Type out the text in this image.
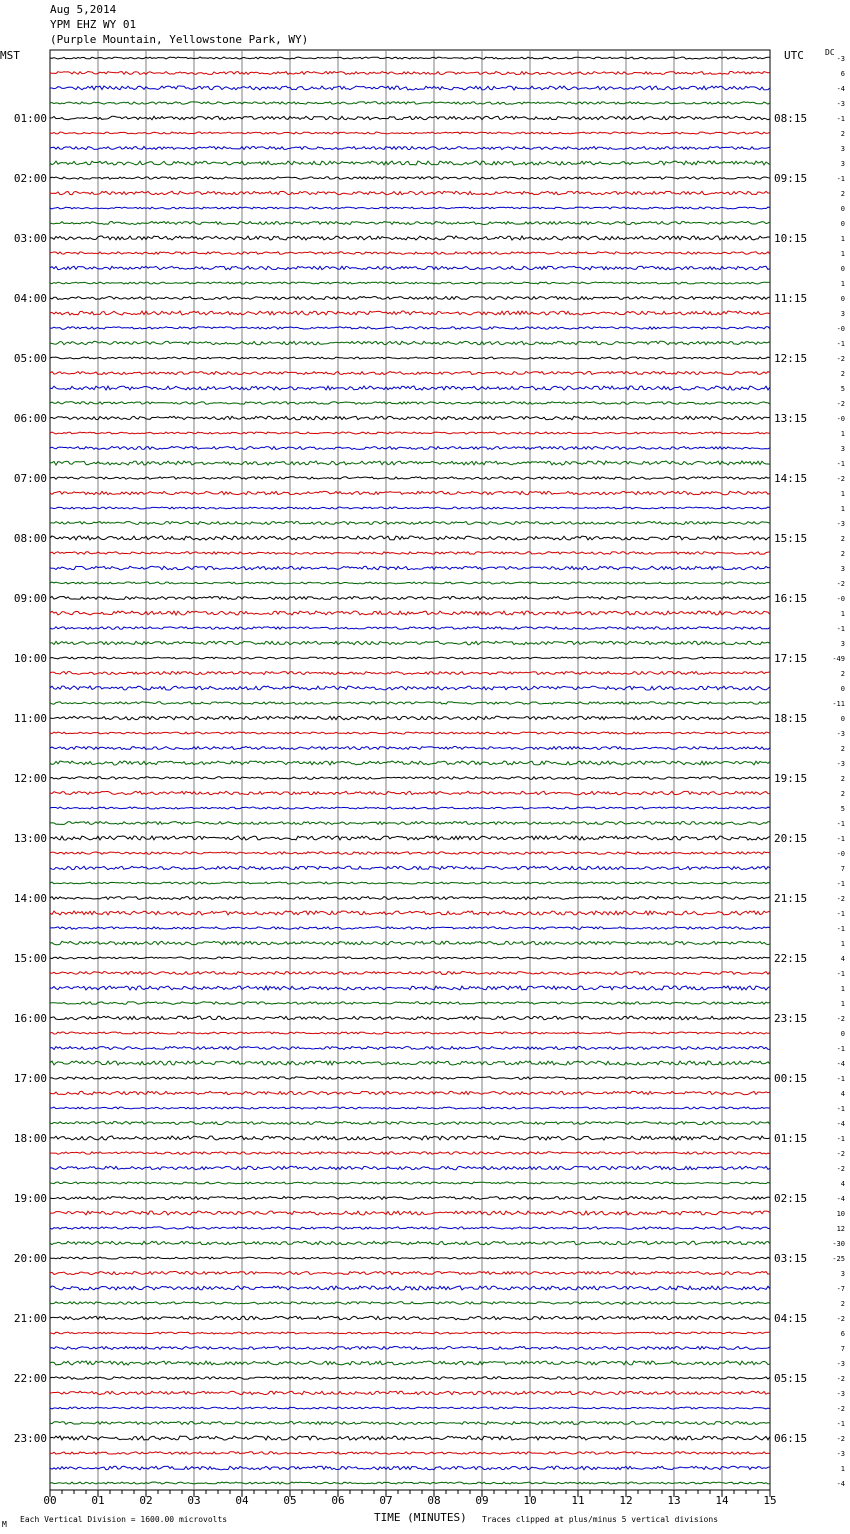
Aug 5,2014
YPM EHZ WY 01
(Purple Mountain, Yellowstone Park, WY)
MST	UTC	DC
01:00
02:00
03:00
04:00
05:00
06:00
07:00
08:00
09:00
10:00
11:00
12:00
13:00
14:00
15:00
16:00
17:00
18:00
19:00
20:00
21:00
22:00
23:00
08:15
09:15
10:15
11:15
12:15
13:15
14:15
15:15
16:15
17:15
18:15
19:15
20:15
21:15
22:15
23:15
00:15
01:15
02:15
03:15
04:15
05:15
06:15
-3
6
-4
-3
-1
2
3
3
-1
2
0
0
1
1
0
1
0
3
-0
-1
-2
2
5
-2
-0
1
3
-1
-2
1
1
-3
2
2
3
-2
-0
1
-1
3
-49
2
0
-11
0
-3
2
-3
2
2
5
-1
-1
-0
7
-1
-2
-1
-1
1
4
-1
1
1
-2
0
-1
-4
-1
4
-1
-4
-1
-2
-2
4
-4
10
12
-30
-25
3
-7
2
-2
6
7
-3
-2
-3
-2
-1
-2
-3
1
-4
00	01	02	03	04	05	06	07	08	09	10	11	12	13	14	15
M
Each Vertical Division = 1600.00 microvolts	TIME (MINUTES) Traces clipped at plus/minus 5 vertical divisions
